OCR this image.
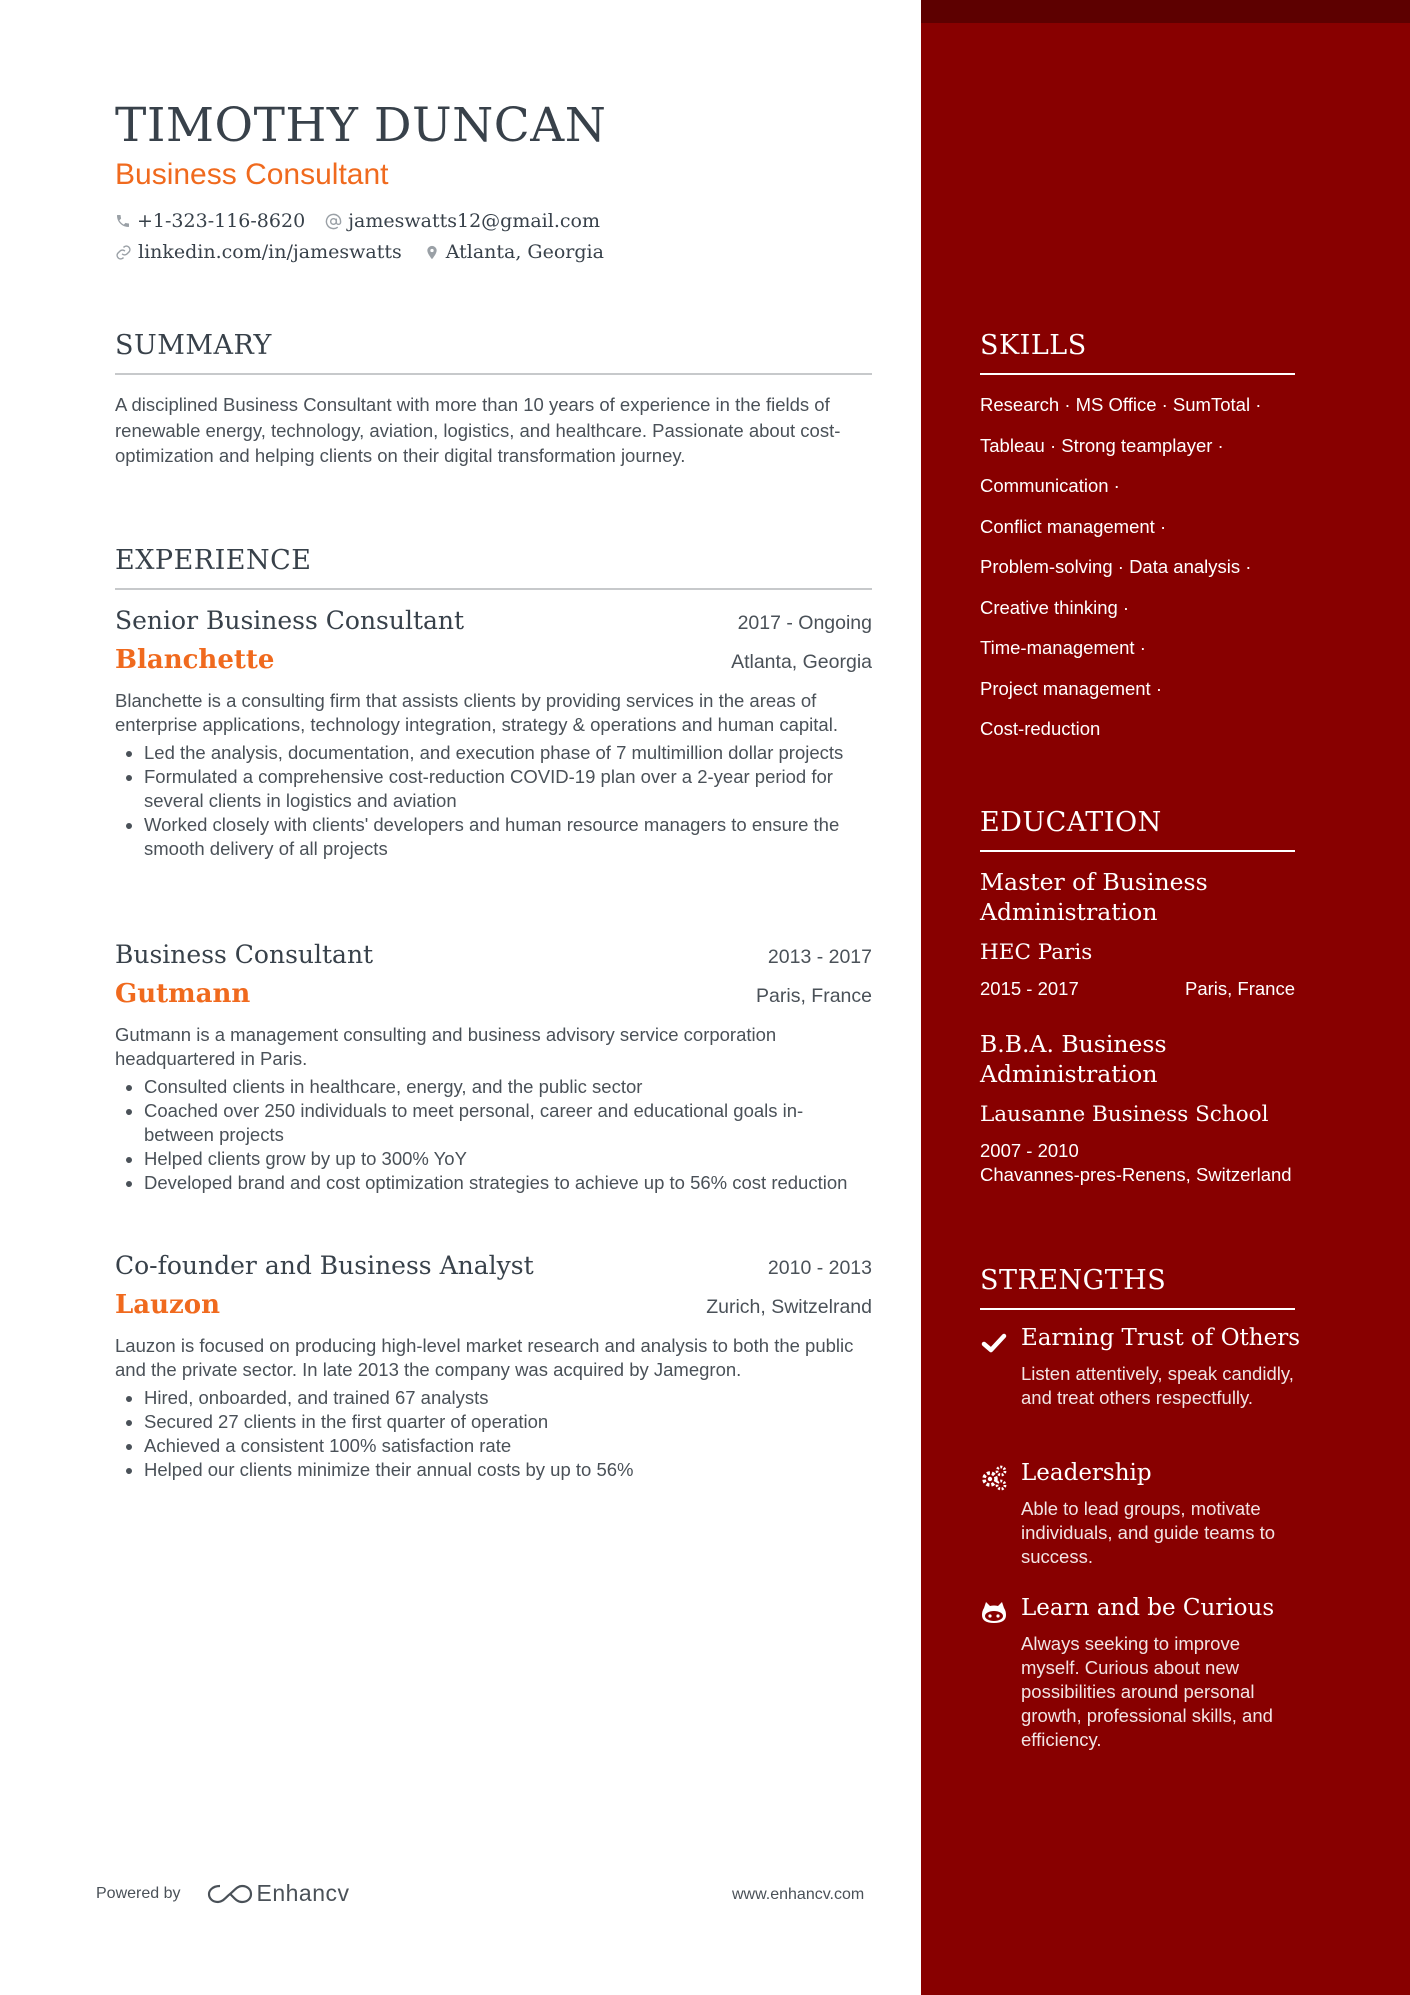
TIMOTHY DUNCAN
Business Consultant
+1-323-116-8620 jameswatts12@gmail.com
linkedin.com/in/jameswatts Atlanta, Georgia
SUMMARY
A disciplined Business Consultant with more than 10 years of experience in the fields of renewable energy, technology, aviation, logistics, and healthcare. Passionate about cost-optimization and helping clients on their digital transformation journey.
EXPERIENCE
Senior Business Consultant	2017 - Ongoing
Blanchette	Atlanta, Georgia
Blanchette is a consulting firm that assists clients by providing services in the areas of enterprise applications, technology integration, strategy & operations and human capital.
• Led the analysis, documentation, and execution phase of 7 multimillion dollar projects
• Formulated a comprehensive cost-reduction COVID-19 plan over a 2-year period for several clients in logistics and aviation
• Worked closely with clients' developers and human resource managers to ensure the smooth delivery of all projects
Business Consultant	2013 - 2017
Gutmann	Paris, France
Gutmann is a management consulting and business advisory service corporation headquartered in Paris.
• Consulted clients in healthcare, energy, and the public sector
• Coached over 250 individuals to meet personal, career and educational goals in-between projects
• Helped clients grow by up to 300% YoY
• Developed brand and cost optimization strategies to achieve up to 56% cost reduction
Co-founder and Business Analyst	2010 - 2013
Lauzon	Zurich, Switzelrand
Lauzon is focused on producing high-level market research and analysis to both the public and the private sector. In late 2013 the company was acquired by Jamegron.
• Hired, onboarded, and trained 67 analysts
• Secured 27 clients in the first quarter of operation
• Achieved a consistent 100% satisfaction rate
• Helped our clients minimize their annual costs by up to 56%
Powered by	Enhancv	www.enhancv.com
SKILLS
Research · MS Office · SumTotal ·
Tableau · Strong teamplayer ·
Communication ·
Conflict management ·
Problem-solving · Data analysis ·
Creative thinking ·
Time-management ·
Project management ·
Cost-reduction
EDUCATION
Master of Business Administration
HEC Paris
2015 - 2017	Paris, France
B.B.A. Business Administration
Lausanne Business School
2007 - 2010
Chavannes-pres-Renens, Switzerland
STRENGTHS
Earning Trust of Others
Listen attentively, speak candidly, and treat others respectfully.
Leadership
Able to lead groups, motivate individuals, and guide teams to success.
Learn and be Curious
Always seeking to improve myself. Curious about new possibilities around personal growth, professional skills, and efficiency.
